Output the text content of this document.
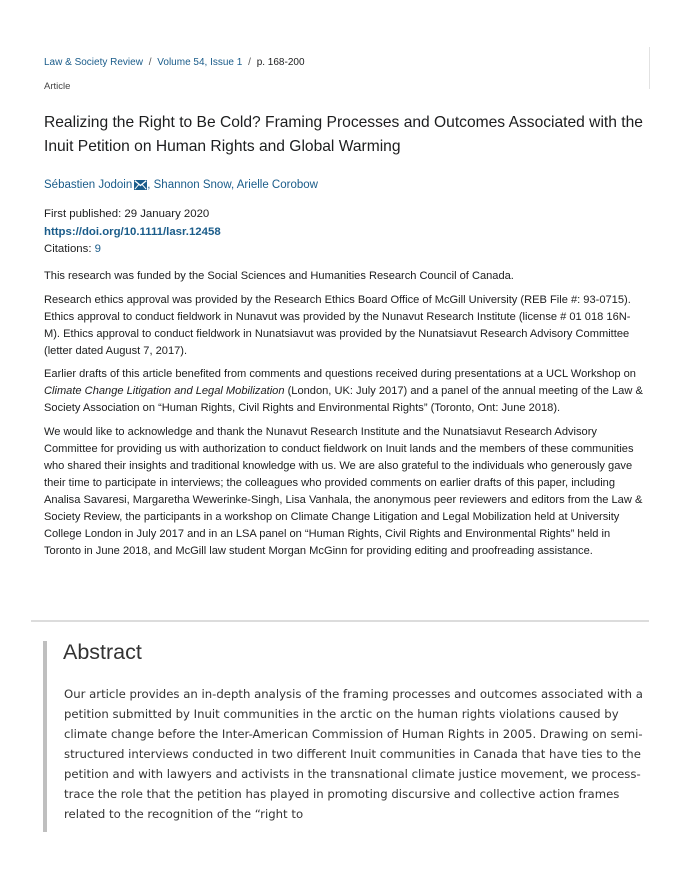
Law & Society Review / Volume 54, Issue 1 / p. 168-200
Article
Realizing the Right to Be Cold? Framing Processes and Outcomes Associated with the Inuit Petition on Human Rights and Global Warming
Sébastien Jodoin , Shannon Snow, Arielle Corobow
First published: 29 January 2020
https://doi.org/10.1111/lasr.12458
Citations: 9

This research was funded by the Social Sciences and Humanities Research Council of Canada.

Research ethics approval was provided by the Research Ethics Board Office of McGill University (REB File #: 93-0715). Ethics approval to conduct fieldwork in Nunavut was provided by the Nunavut Research Institute (license # 01 018 16N-M). Ethics approval to conduct fieldwork in Nunatsiavut was provided by the Nunatsiavut Research Advisory Committee (letter dated August 7, 2017).

Earlier drafts of this article benefited from comments and questions received during presentations at a UCL Workshop on Climate Change Litigation and Legal Mobilization (London, UK: July 2017) and a panel of the annual meeting of the Law & Society Association on “Human Rights, Civil Rights and Environmental Rights” (Toronto, Ont: June 2018).

We would like to acknowledge and thank the Nunavut Research Institute and the Nunatsiavut Research Advisory Committee for providing us with authorization to conduct fieldwork on Inuit lands and the members of these communities who shared their insights and traditional knowledge with us. We are also grateful to the individuals who generously gave their time to participate in interviews; the colleagues who provided comments on earlier drafts of this paper, including Analisa Savaresi, Margaretha Wewerinke-Singh, Lisa Vanhala, the anonymous peer reviewers and editors from the Law & Society Review, the participants in a workshop on Climate Change Litigation and Legal Mobilization held at University College London in July 2017 and in an LSA panel on “Human Rights, Civil Rights and Environmental Rights” held in Toronto in June 2018, and McGill law student Morgan McGinn for providing editing and proofreading assistance.

Abstract
Our article provides an in-depth analysis of the framing processes and outcomes associated with a petition submitted by Inuit communities in the arctic on the human rights violations caused by climate change before the Inter-American Commission of Human Rights in 2005. Drawing on semi-structured interviews conducted in two different Inuit communities in Canada that have ties to the petition and with lawyers and activists in the transnational climate justice movement, we process-trace the role that the petition has played in promoting discursive and collective action frames related to the recognition of the “right to
